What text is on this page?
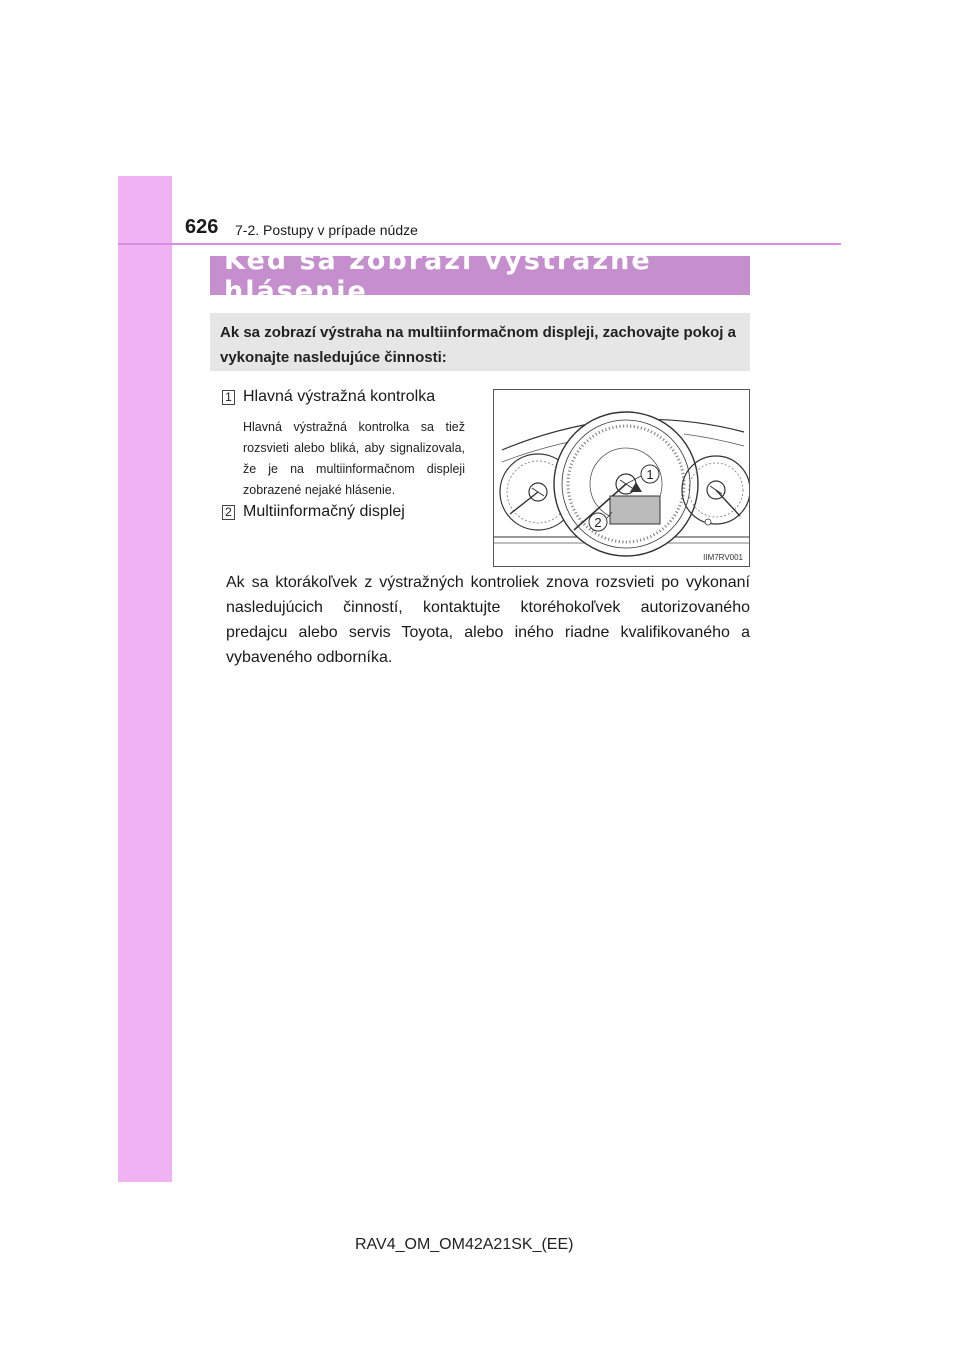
626 7-2. Postupy v prípade núdze
Keď sa zobrazí výstražné hlásenie
Ak sa zobrazí výstraha na multiinformačnom displeji, zachovajte pokoj a vykonajte nasledujúce činnosti:
1 Hlavná výstražná kontrolka
Hlavná výstražná kontrolka sa tiež rozsvieti alebo bliká, aby signalizovala, že je na multiinformačnom displeji zobrazené nejaké hlásenie.
2 Multiinformačný displej
1
2
IIM7RV001
Ak sa ktorákoľvek z výstražných kontroliek znova rozsvieti po vykonaní nasledujúcich činností, kontaktujte ktoréhokoľvek autorizovaného predajcu alebo servis Toyota, alebo iného riadne kvalifikovaného a vybaveného odborníka.
RAV4_OM_OM42A21SK_(EE)
